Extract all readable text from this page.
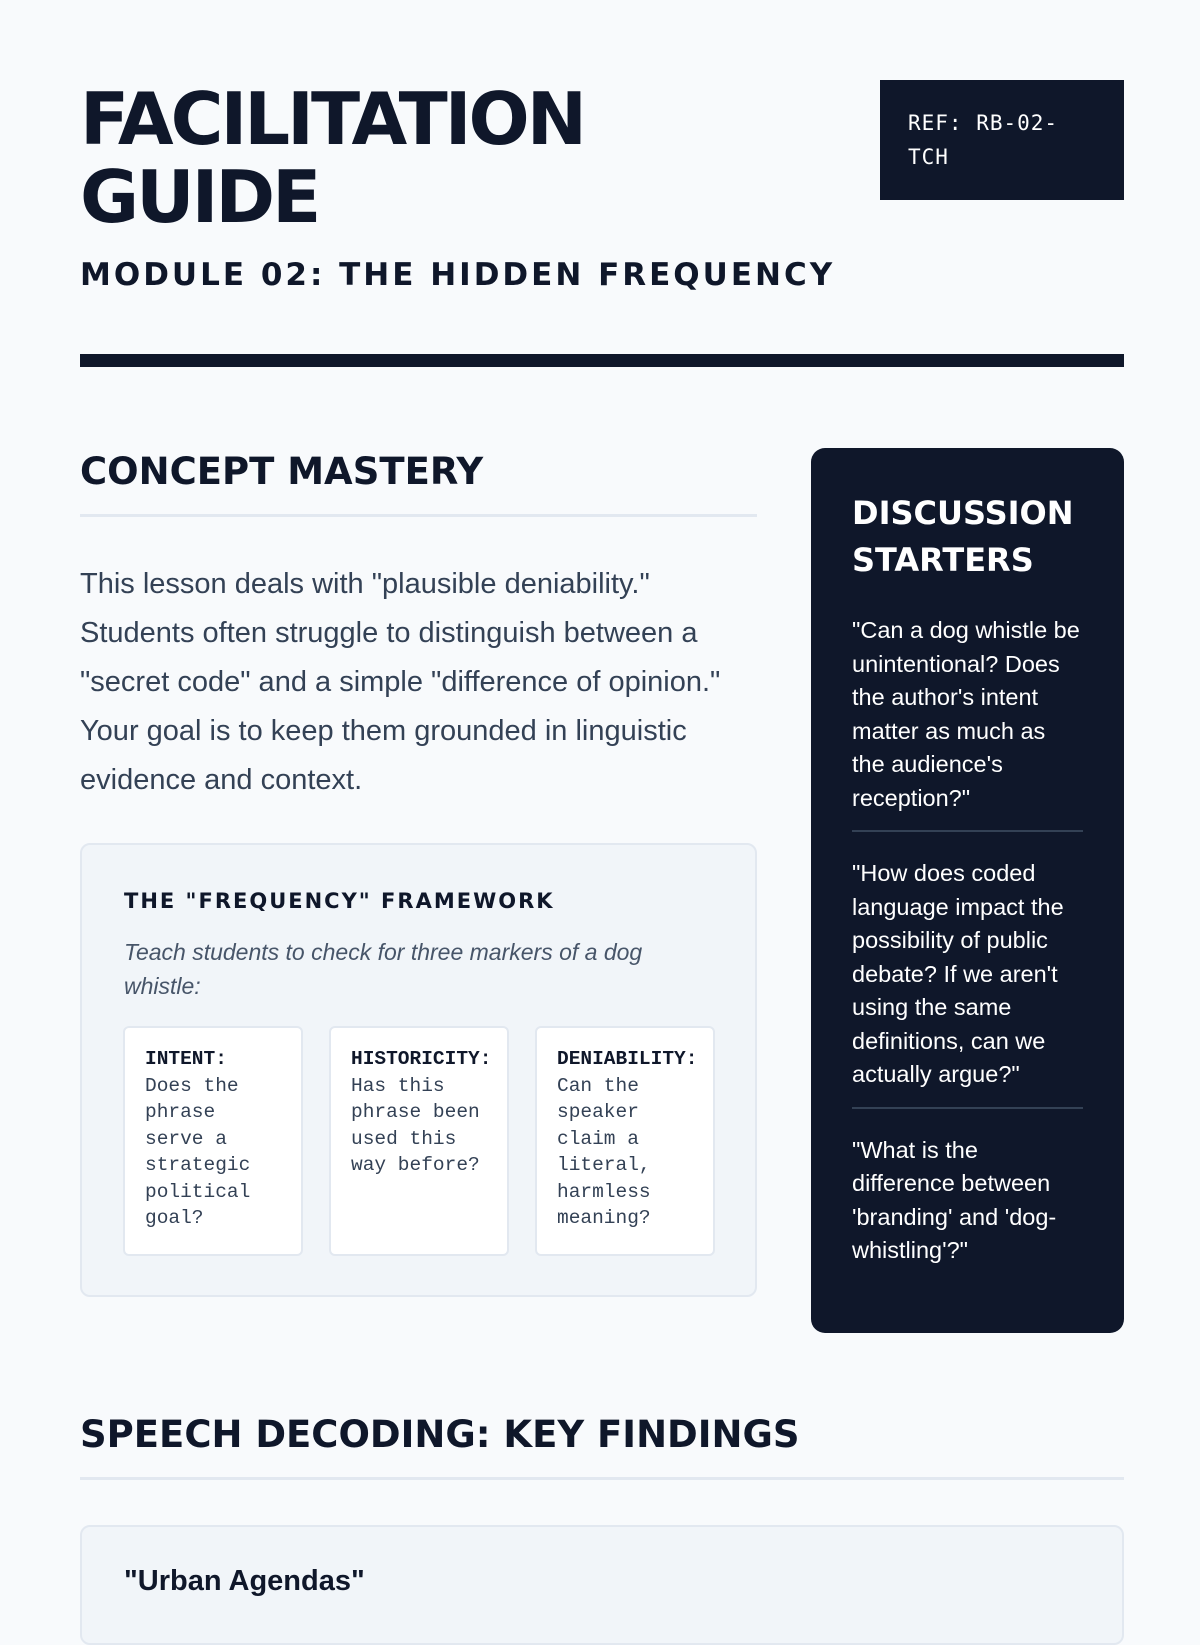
FACILITATION GUIDE
MODULE 02: THE HIDDEN FREQUENCY
REF: RB-02-TCH
CONCEPT MASTERY

This lesson deals with "plausible deniability." Students often struggle to distinguish between a "secret code" and a simple "difference of opinion." Your goal is to keep them grounded in linguistic evidence and context.

THE "FREQUENCY" FRAMEWORK

Teach students to check for three markers of a dog whistle:

INTENT:
Does the phrase serve a strategic political goal?
HISTORICITY:
Has this phrase been used this way before?
DENIABILITY:
Can the speaker claim a literal, harmless meaning?
DISCUSSION STARTERS
"Can a dog whistle be unintentional? Does the author's intent matter as much as the audience's reception?"
"How does coded language impact the possibility of public debate? If we aren't using the same definitions, can we actually argue?"
"What is the difference between 'branding' and 'dog-whistling'?"
SPEECH DECODING: KEY FINDINGS
"Urban Agendas"
